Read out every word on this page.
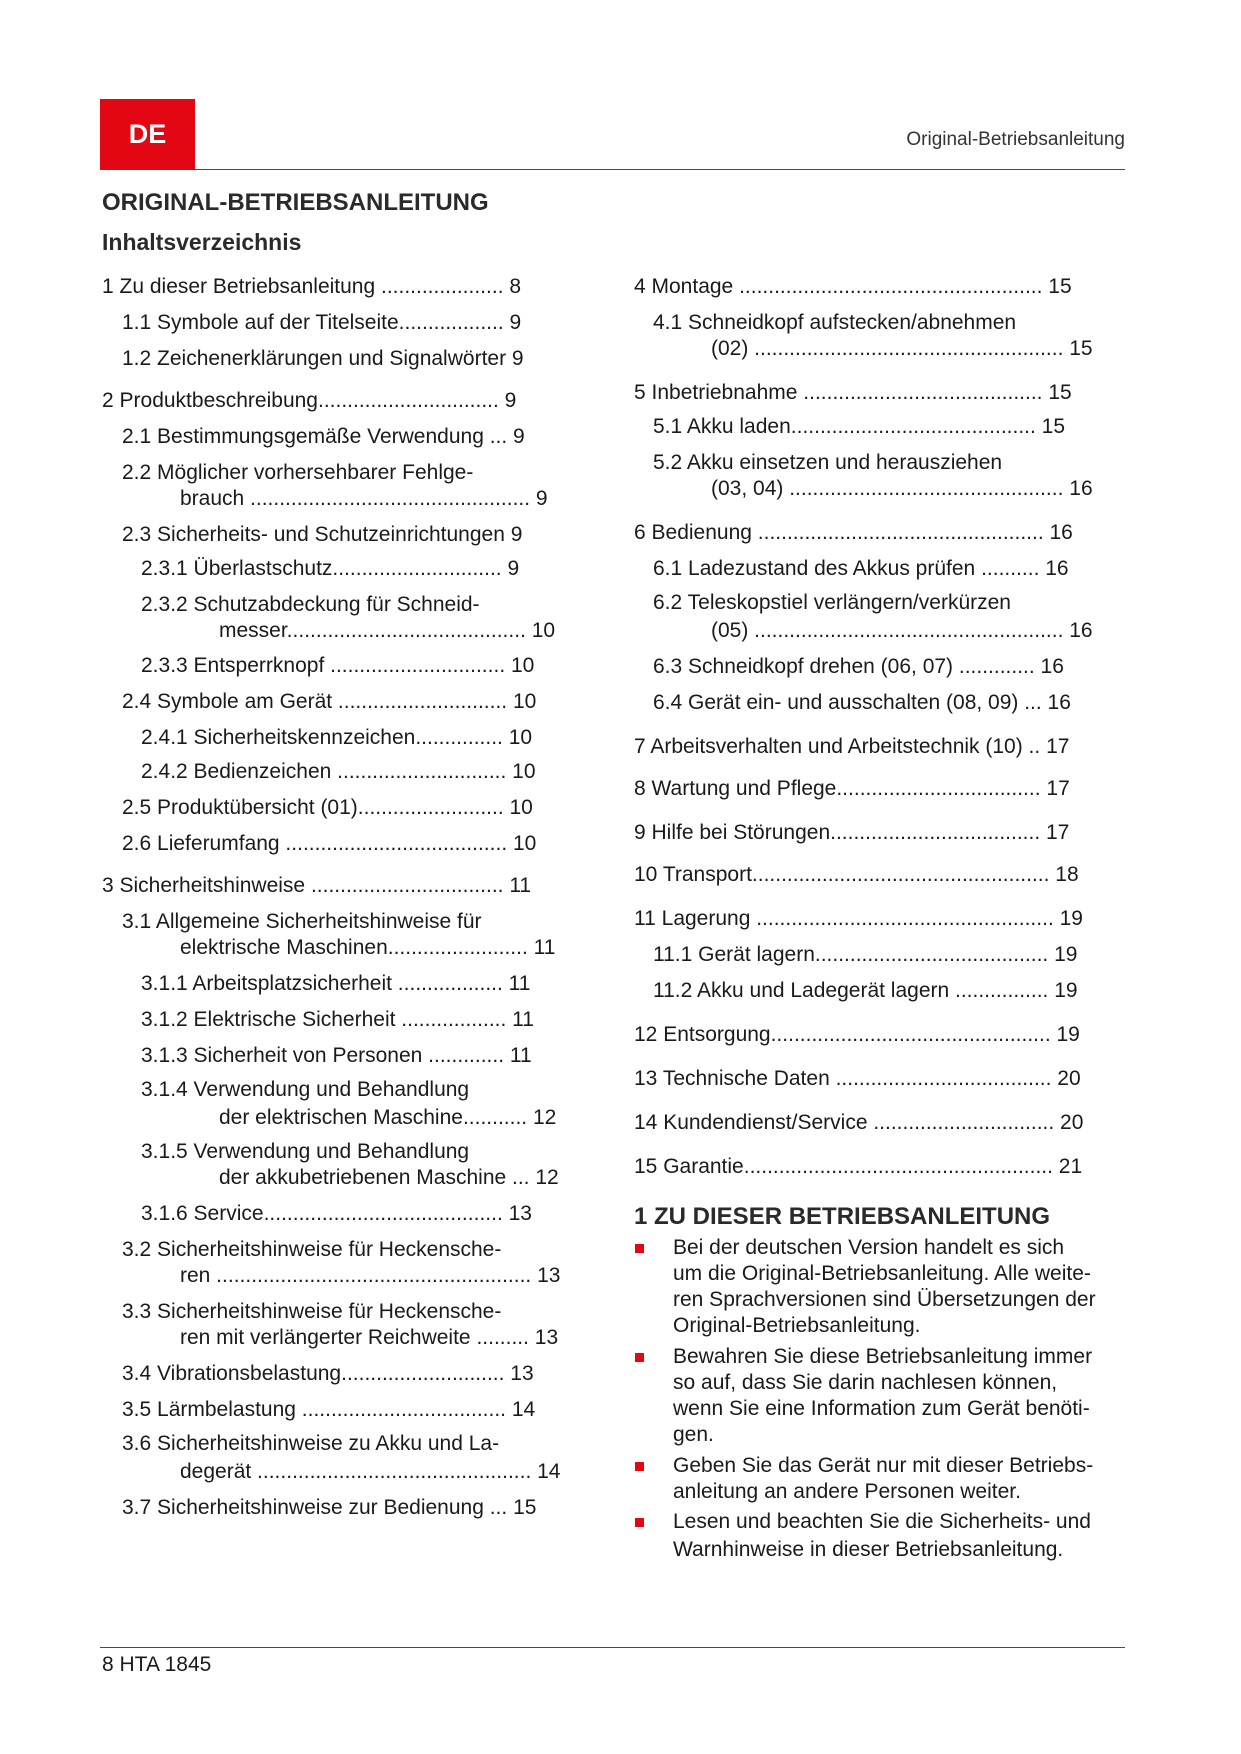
DE	Original-Betriebsanleitung
ORIGINAL-BETRIEBSANLEITUNG
Inhaltsverzeichnis
1 Zu dieser Betriebsanleitung ..................... 8
1.1 Symbole auf der Titelseite.................. 9
1.2 Zeichenerklärungen und Signalwörter 9
2 Produktbeschreibung............................... 9
2.1 Bestimmungsgemäße Verwendung ... 9
2.2 Möglicher vorhersehbarer Fehlge-
brauch ................................................ 9
2.3 Sicherheits- und Schutzeinrichtungen 9
2.3.1 Überlastschutz............................. 9
2.3.2 Schutzabdeckung für Schneid-
messer......................................... 10
2.3.3 Entsperrknopf .............................. 10
2.4 Symbole am Gerät ............................. 10
2.4.1 Sicherheitskennzeichen............... 10
2.4.2 Bedienzeichen ............................. 10
2.5 Produktübersicht (01)......................... 10
2.6 Lieferumfang ...................................... 10
3 Sicherheitshinweise ................................. 11
3.1 Allgemeine Sicherheitshinweise für
elektrische Maschinen........................ 11
3.1.1 Arbeitsplatzsicherheit .................. 11
3.1.2 Elektrische Sicherheit .................. 11
3.1.3 Sicherheit von Personen ............. 11
3.1.4 Verwendung und Behandlung
der elektrischen Maschine........... 12
3.1.5 Verwendung und Behandlung
der akkubetriebenen Maschine ... 12
3.1.6 Service......................................... 13
3.2 Sicherheitshinweise für Heckensche-
ren ...................................................... 13
3.3 Sicherheitshinweise für Heckensche-
ren mit verlängerter Reichweite ......... 13
3.4 Vibrationsbelastung............................ 13
3.5 Lärmbelastung ................................... 14
3.6 Sicherheitshinweise zu Akku und La-
degerät ............................................... 14
3.7 Sicherheitshinweise zur Bedienung ... 15
4 Montage .................................................... 15
4.1 Schneidkopf aufstecken/abnehmen
(02) ..................................................... 15
5 Inbetriebnahme ......................................... 15
5.1 Akku laden.......................................... 15
5.2 Akku einsetzen und herausziehen
(03, 04) ............................................... 16
6 Bedienung ................................................. 16
6.1 Ladezustand des Akkus prüfen .......... 16
6.2 Teleskopstiel verlängern/verkürzen
(05) ..................................................... 16
6.3 Schneidkopf drehen (06, 07) ............. 16
6.4 Gerät ein- und ausschalten (08, 09) ... 16
7 Arbeitsverhalten und Arbeitstechnik (10) .. 17
8 Wartung und Pflege................................... 17
9 Hilfe bei Störungen.................................... 17
10 Transport................................................... 18
11 Lagerung ................................................... 19
11.1 Gerät lagern........................................ 19
11.2 Akku und Ladegerät lagern ................ 19
12 Entsorgung................................................ 19
13 Technische Daten ..................................... 20
14 Kundendienst/Service ............................... 20
15 Garantie..................................................... 21
1 ZU DIESER BETRIEBSANLEITUNG
Bei der deutschen Version handelt es sich
um die Original-Betriebsanleitung. Alle weite-
ren Sprachversionen sind Übersetzungen der
Original-Betriebsanleitung.
Bewahren Sie diese Betriebsanleitung immer
so auf, dass Sie darin nachlesen können,
wenn Sie eine Information zum Gerät benöti-
gen.
Geben Sie das Gerät nur mit dieser Betriebs-
anleitung an andere Personen weiter.
Lesen und beachten Sie die Sicherheits- und
Warnhinweise in dieser Betriebsanleitung.
8 HTA 1845
